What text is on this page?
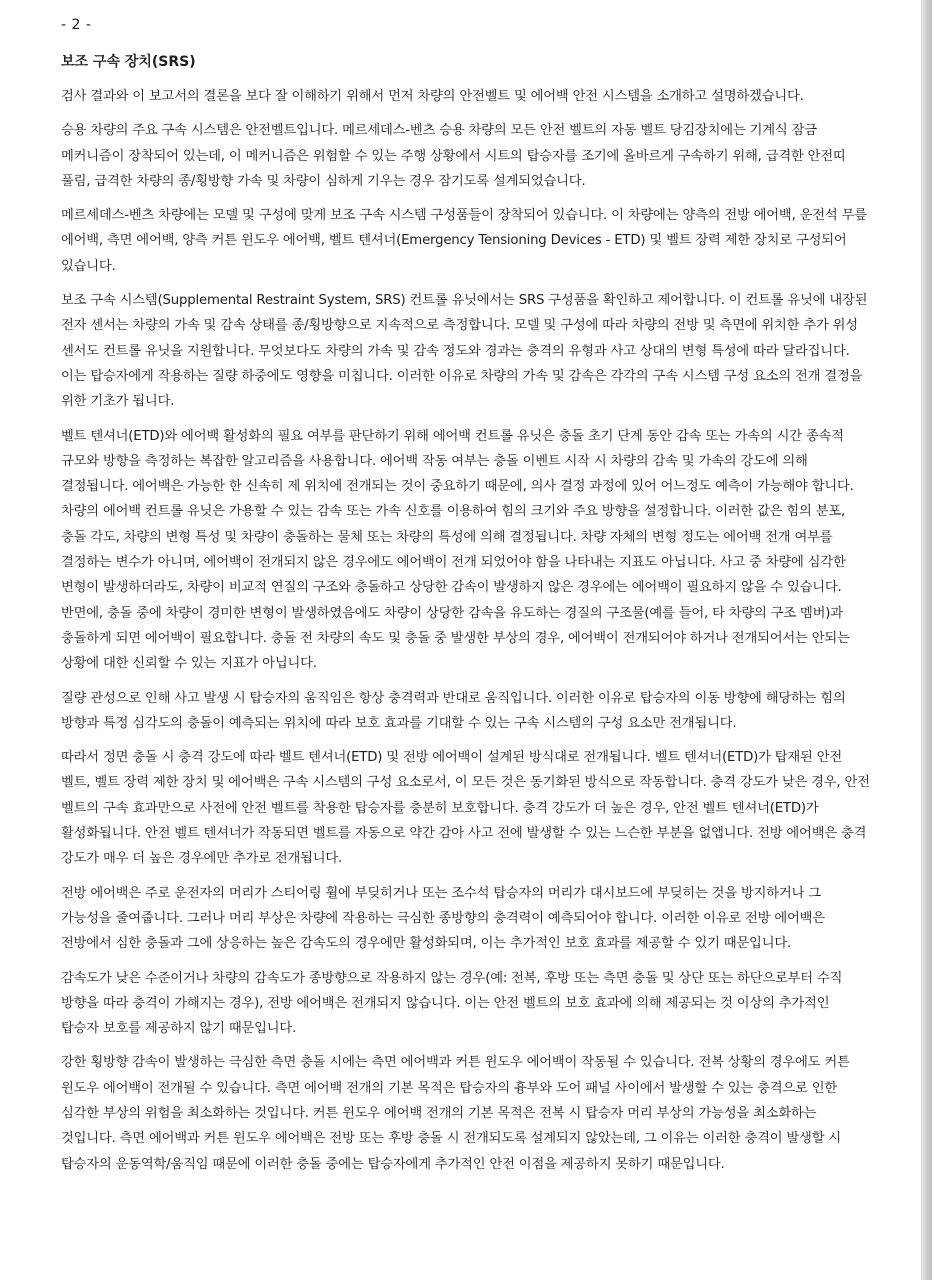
- 2 -
보조 구속 장치(SRS)

검사 결과와 이 보고서의 결론을 보다 잘 이해하기 위해서 먼저 차량의 안전벨트 및 에어백 안전 시스템을 소개하고 설명하겠습니다.

승용 차량의 주요 구속 시스템은 안전벨트입니다. 메르세데스-벤츠 승용 차량의 모든 안전 벨트의 자동 벨트 당김장치에는 기계식 잠금 메커니즘이 장착되어 있는데, 이 메커니즘은 위험할 수 있는 주행 상황에서 시트의 탑승자를 조기에 올바르게 구속하기 위해, 급격한 안전띠 풀림, 급격한 차량의 종/횡방향 가속 및 차량이 심하게 기우는 경우 잠기도록 설계되었습니다.

메르세데스-벤츠 차량에는 모델 및 구성에 맞게 보조 구속 시스템 구성품들이 장착되어 있습니다. 이 차량에는 양측의 전방 에어백, 운전석 무릎 에어백, 측면 에어백, 양측 커튼 윈도우 에어백, 벨트 텐셔너(Emergency Tensioning Devices - ETD) 및 벨트 장력 제한 장치로 구성되어 있습니다.

보조 구속 시스템(Supplemental Restraint System, SRS) 컨트롤 유닛에서는 SRS 구성품을 확인하고 제어합니다. 이 컨트롤 유닛에 내장된 전자 센서는 차량의 가속 및 감속 상태를 종/횡방향으로 지속적으로 측정합니다. 모델 및 구성에 따라 차량의 전방 및 측면에 위치한 추가 위성 센서도 컨트롤 유닛을 지원합니다. 무엇보다도 차량의 가속 및 감속 정도와 경과는 충격의 유형과 사고 상대의 변형 특성에 따라 달라집니다. 이는 탑승자에게 작용하는 질량 하중에도 영향을 미칩니다. 이러한 이유로 차량의 가속 및 감속은 각각의 구속 시스템 구성 요소의 전개 결정을 위한 기초가 됩니다.

벨트 텐셔너(ETD)와 에어백 활성화의 필요 여부를 판단하기 위해 에어백 컨트롤 유닛은 충돌 초기 단계 동안 감속 또는 가속의 시간 종속적 규모와 방향을 측정하는 복잡한 알고리즘을 사용합니다. 에어백 작동 여부는 충돌 이벤트 시작 시 차량의 감속 및 가속의 강도에 의해 결정됩니다. 에어백은 가능한 한 신속히 제 위치에 전개되는 것이 중요하기 때문에, 의사 결정 과정에 있어 어느정도 예측이 가능해야 합니다. 차량의 에어백 컨트롤 유닛은 가용할 수 있는 감속 또는 가속 신호를 이용하여 힘의 크기와 주요 방향을 설정합니다. 이러한 값은 힘의 분포, 충돌 각도, 차량의 변형 특성 및 차량이 충돌하는 물체 또는 차량의 특성에 의해 결정됩니다. 차량 자체의 변형 정도는 에어백 전개 여부를 결정하는 변수가 아니며, 에어백이 전개되지 않은 경우에도 에어백이 전개 되었어야 함을 나타내는 지표도 아닙니다. 사고 중 차량에 심각한 변형이 발생하더라도, 차량이 비교적 연질의 구조와 충돌하고 상당한 감속이 발생하지 않은 경우에는 에어백이 필요하지 않을 수 있습니다. 반면에, 충돌 중에 차량이 경미한 변형이 발생하였음에도 차량이 상당한 감속을 유도하는 경질의 구조물(예를 들어, 타 차량의 구조 멤버)과 충돌하게 되면 에어백이 필요합니다. 충돌 전 차량의 속도 및 충돌 중 발생한 부상의 경우, 에어백이 전개되어야 하거나 전개되어서는 안되는 상황에 대한 신뢰할 수 있는 지표가 아닙니다.

질량 관성으로 인해 사고 발생 시 탑승자의 움직임은 항상 충격력과 반대로 움직입니다. 이러한 이유로 탑승자의 이동 방향에 해당하는 힘의 방향과 특정 심각도의 충돌이 예측되는 위치에 따라 보호 효과를 기대할 수 있는 구속 시스템의 구성 요소만 전개됩니다.

따라서 정면 충돌 시 충격 강도에 따라 벨트 텐셔너(ETD) 및 전방 에어백이 설계된 방식대로 전개됩니다. 벨트 텐셔너(ETD)가 탑재된 안전 벨트, 벨트 장력 제한 장치 및 에어백은 구속 시스템의 구성 요소로서, 이 모든 것은 동기화된 방식으로 작동합니다. 충격 강도가 낮은 경우, 안전 벨트의 구속 효과만으로 사전에 안전 벨트를 착용한 탑승자를 충분히 보호합니다. 충격 강도가 더 높은 경우, 안전 벨트 텐셔너(ETD)가 활성화됩니다. 안전 벨트 텐셔너가 작동되면 벨트를 자동으로 약간 감아 사고 전에 발생할 수 있는 느슨한 부분을 없앱니다. 전방 에어백은 충격 강도가 매우 더 높은 경우에만 추가로 전개됩니다.

전방 에어백은 주로 운전자의 머리가 스티어링 휠에 부딪히거나 또는 조수석 탑승자의 머리가 대시보드에 부딪히는 것을 방지하거나 그 가능성을 줄여줍니다. 그러나 머리 부상은 차량에 작용하는 극심한 종방향의 충격력이 예측되어야 합니다. 이러한 이유로 전방 에어백은 전방에서 심한 충돌과 그에 상응하는 높은 감속도의 경우에만 활성화되며, 이는 추가적인 보호 효과를 제공할 수 있기 때문입니다.

감속도가 낮은 수준이거나 차량의 감속도가 종방향으로 작용하지 않는 경우(예: 전복, 후방 또는 측면 충돌 및 상단 또는 하단으로부터 수직 방향을 따라 충격이 가해지는 경우), 전방 에어백은 전개되지 않습니다. 이는 안전 벨트의 보호 효과에 의해 제공되는 것 이상의 추가적인 탑승자 보호를 제공하지 않기 때문입니다.

강한 횡방향 감속이 발생하는 극심한 측면 충돌 시에는 측면 에어백과 커튼 윈도우 에어백이 작동될 수 있습니다. 전복 상황의 경우에도 커튼 윈도우 에어백이 전개될 수 있습니다. 측면 에어백 전개의 기본 목적은 탑승자의 흉부와 도어 패널 사이에서 발생할 수 있는 충격으로 인한 심각한 부상의 위험을 최소화하는 것입니다. 커튼 윈도우 에어백 전개의 기본 목적은 전복 시 탑승자 머리 부상의 가능성을 최소화하는 것입니다. 측면 에어백과 커튼 윈도우 에어백은 전방 또는 후방 충돌 시 전개되도록 설계되지 않았는데, 그 이유는 이러한 충격이 발생할 시 탑승자의 운동역학/움직임 때문에 이러한 충돌 중에는 탑승자에게 추가적인 안전 이점을 제공하지 못하기 때문입니다.
